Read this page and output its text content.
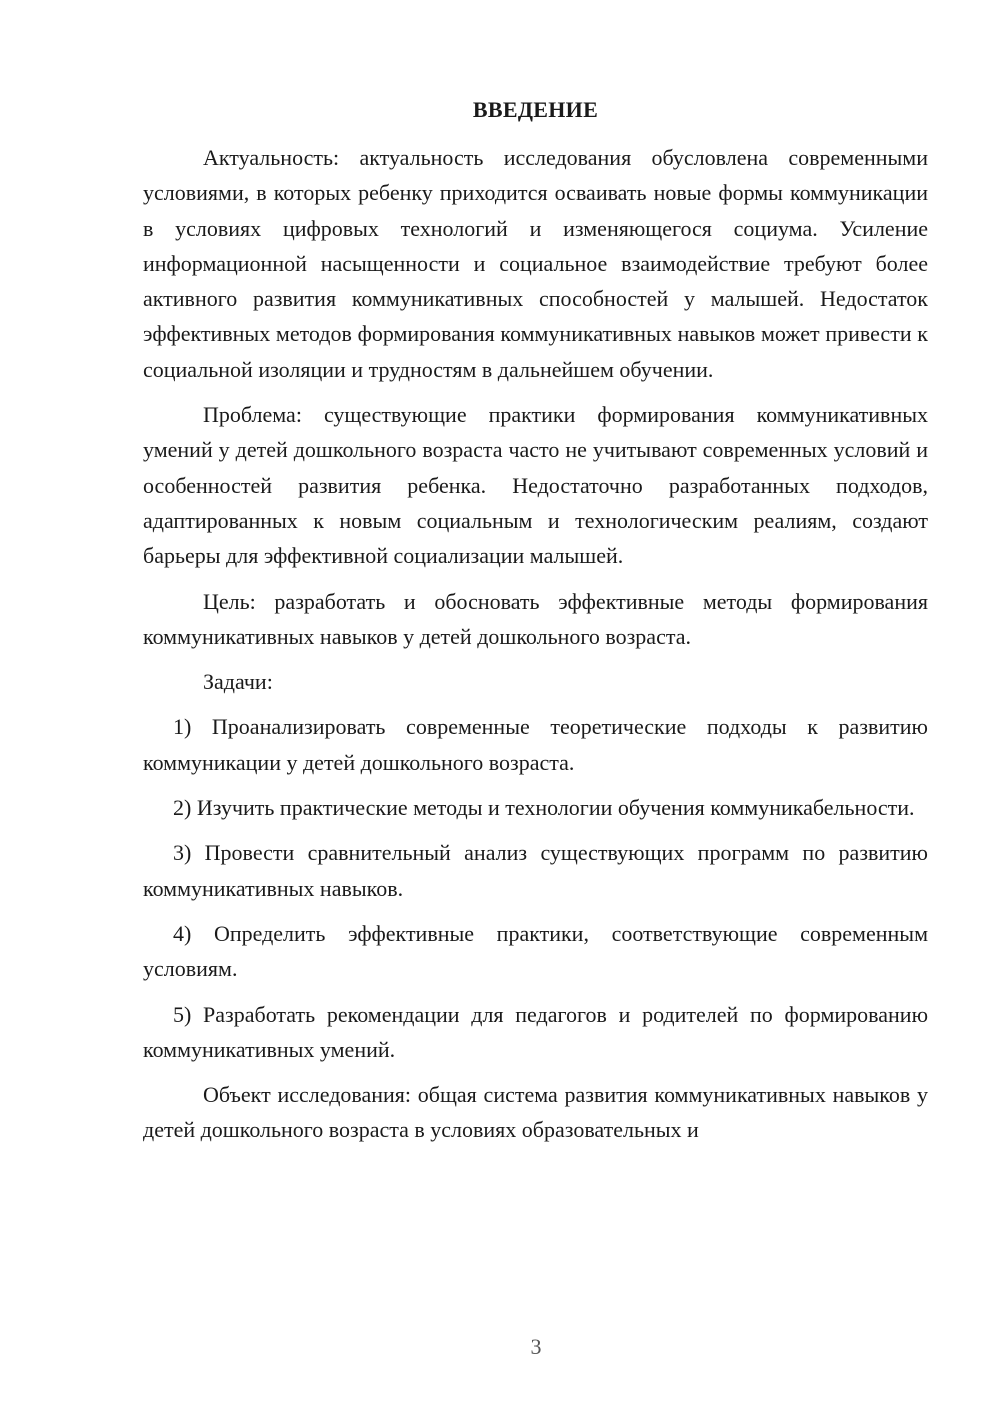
ВВЕДЕНИЕ

Актуальность: актуальность исследования обусловлена современными условиями, в которых ребенку приходится осваивать новые формы коммуникации в условиях цифровых технологий и изменяющегося социума. Усиление информационной насыщенности и социальное взаимодействие требуют более активного развития коммуникативных способностей у малышей. Недостаток эффективных методов формирования коммуникативных навыков может привести к социальной изоляции и трудностям в дальнейшем обучении.

Проблема: существующие практики формирования коммуникативных умений у детей дошкольного возраста часто не учитывают современных условий и особенностей развития ребенка. Недостаточно разработанных подходов, адаптированных к новым социальным и технологическим реалиям, создают барьеры для эффективной социализации малышей.

Цель: разработать и обосновать эффективные методы формирования коммуникативных навыков у детей дошкольного возраста.

Задачи:

1) Проанализировать современные теоретические подходы к развитию коммуникации у детей дошкольного возраста.

2) Изучить практические методы и технологии обучения коммуникабельности.

3) Провести сравнительный анализ существующих программ по развитию коммуникативных навыков.

4) Определить эффективные практики, соответствующие современным условиям.

5) Разработать рекомендации для педагогов и родителей по формированию коммуникативных умений.

Объект исследования: общая система развития коммуникативных навыков у детей дошкольного возраста в условиях образовательных и

3
